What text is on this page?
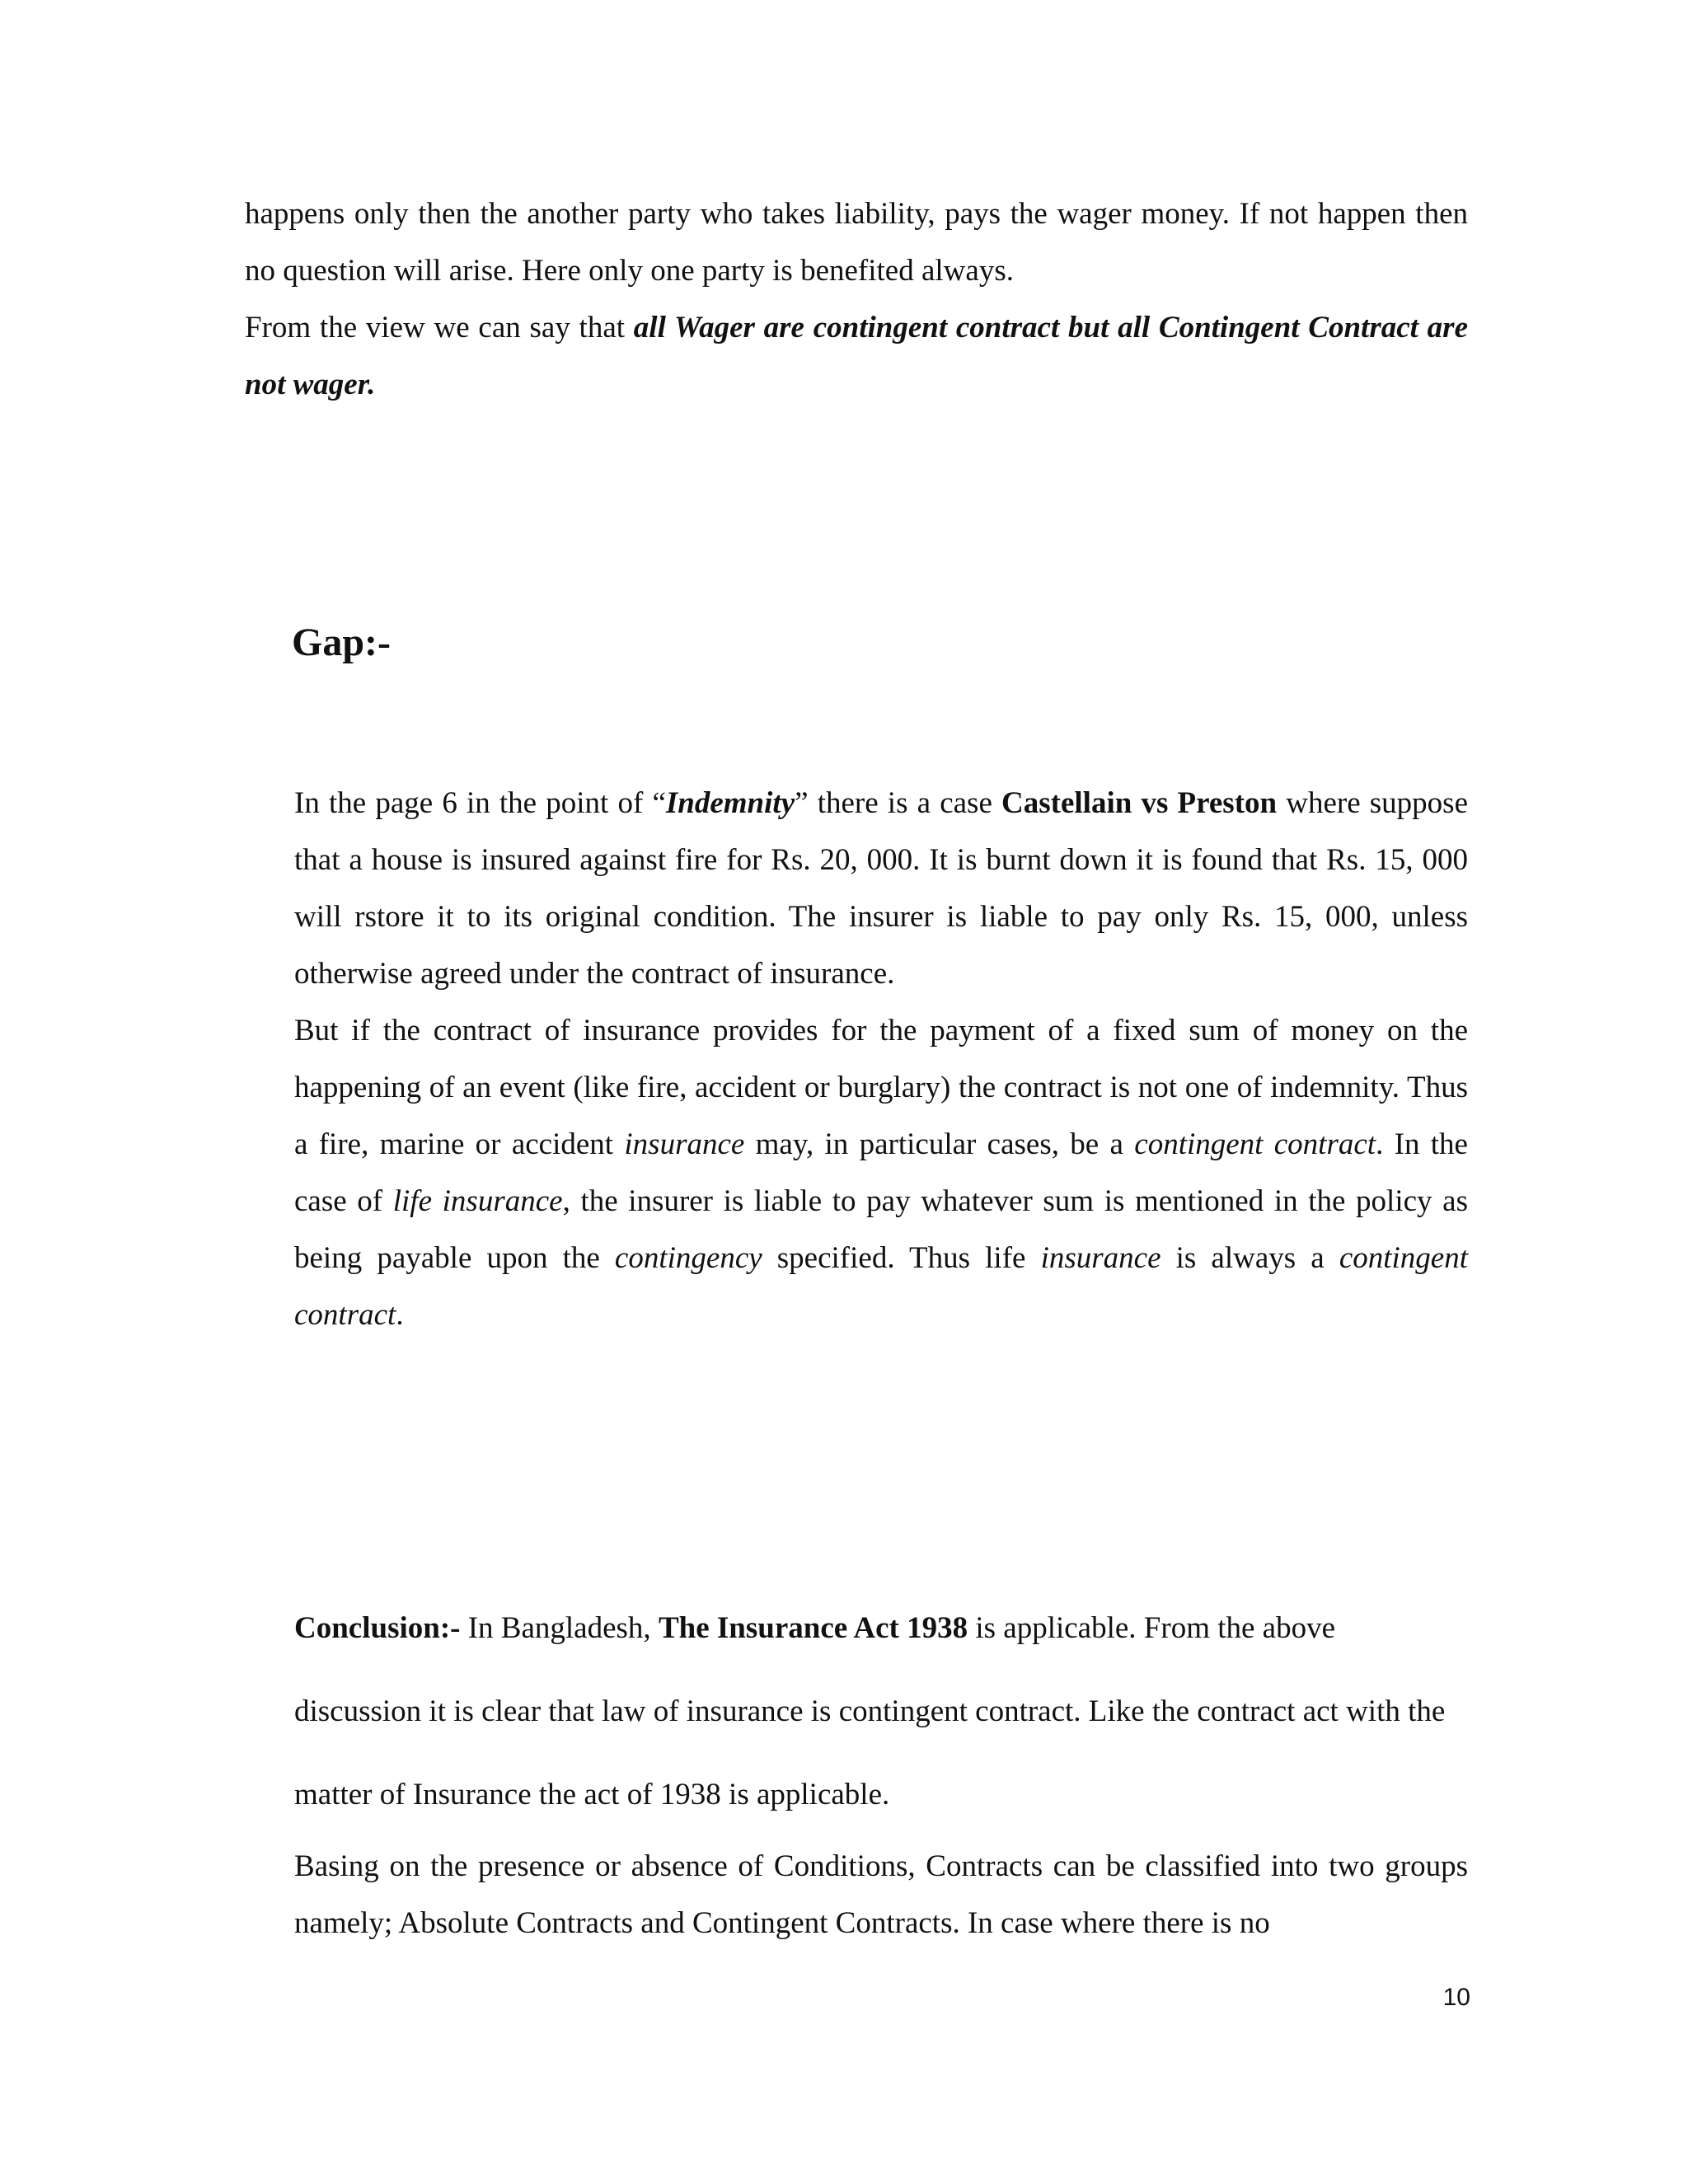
happens only then the another party who takes liability, pays the wager money. If not happen then no question will arise. Here only one party is benefited always.

From the view we can say that all Wager are contingent contract but all Contingent Contract are not wager.

Gap:-

In the page 6 in the point of “Indemnity” there is a case Castellain vs Preston where suppose that a house is insured against fire for Rs. 20, 000. It is burnt down it is found that Rs. 15, 000 will rstore it to its original condition. The insurer is liable to pay only Rs. 15, 000, unless otherwise agreed under the contract of insurance.

But if the contract of insurance provides for the payment of a fixed sum of money on the happening of an event (like fire, accident or burglary) the contract is not one of indemnity. Thus a fire, marine or accident insurance may, in particular cases, be a contingent contract. In the case of life insurance, the insurer is liable to pay whatever sum is mentioned in the policy as being payable upon the contingency specified. Thus life insurance is always a contingent contract.

Conclusion:- In Bangladesh, The Insurance Act 1938 is applicable. From the above discussion it is clear that law of insurance is contingent contract. Like the contract act with the matter of Insurance the act of 1938 is applicable.

Basing on the presence or absence of Conditions, Contracts can be classified into two groups namely; Absolute Contracts and Contingent Contracts. In case where there is no

10
